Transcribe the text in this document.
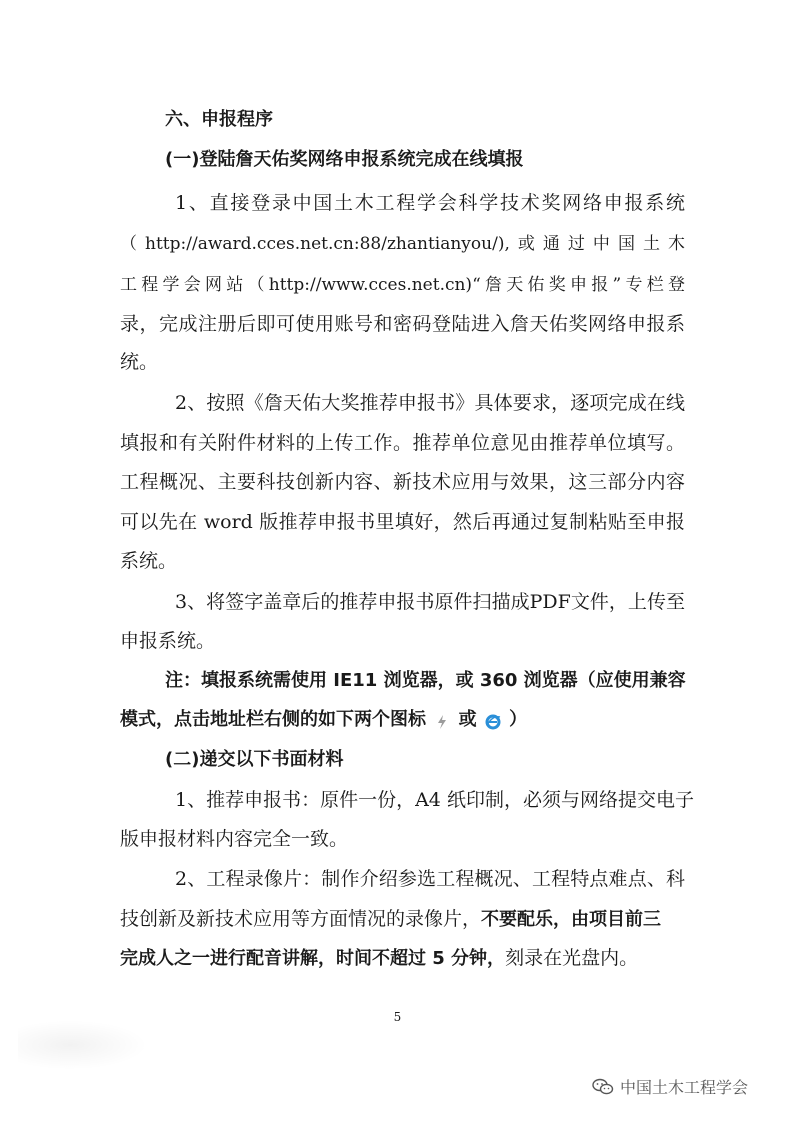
六、申报程序
(一)登陆詹天佑奖网络申报系统完成在线填报
1、直接登录中国土木工程学会科学技术奖网络申报系统
（http://award.cces.net.cn:88/zhantianyou/),或通过中国土木
工程学会网站（http://www.cces.net.cn)“詹天佑奖申报”专栏登
录，完成注册后即可使用账号和密码登陆进入詹天佑奖网络申报系
统。
2、按照《詹天佑大奖推荐申报书》具体要求，逐项完成在线
填报和有关附件材料的上传工作。推荐单位意见由推荐单位填写。
工程概况、主要科技创新内容、新技术应用与效果，这三部分内容
可以先在 word 版推荐申报书里填好，然后再通过复制粘贴至申报
系统。
3、将签字盖章后的推荐申报书原件扫描成PDF文件，上传至
申报系统。
注：填报系统需使用 IE11 浏览器，或 360 浏览器（应使用兼容
模式，点击地址栏右侧的如下两个图标 或 ）
(二)递交以下书面材料
1、推荐申报书：原件一份，A4 纸印制，必须与网络提交电子
版申报材料内容完全一致。
2、工程录像片：制作介绍参选工程概况、工程特点难点、科
技创新及新技术应用等方面情况的录像片，不要配乐，由项目前三
完成人之一进行配音讲解，时间不超过 5 分钟，刻录在光盘内。
5
中国土木工程学会
